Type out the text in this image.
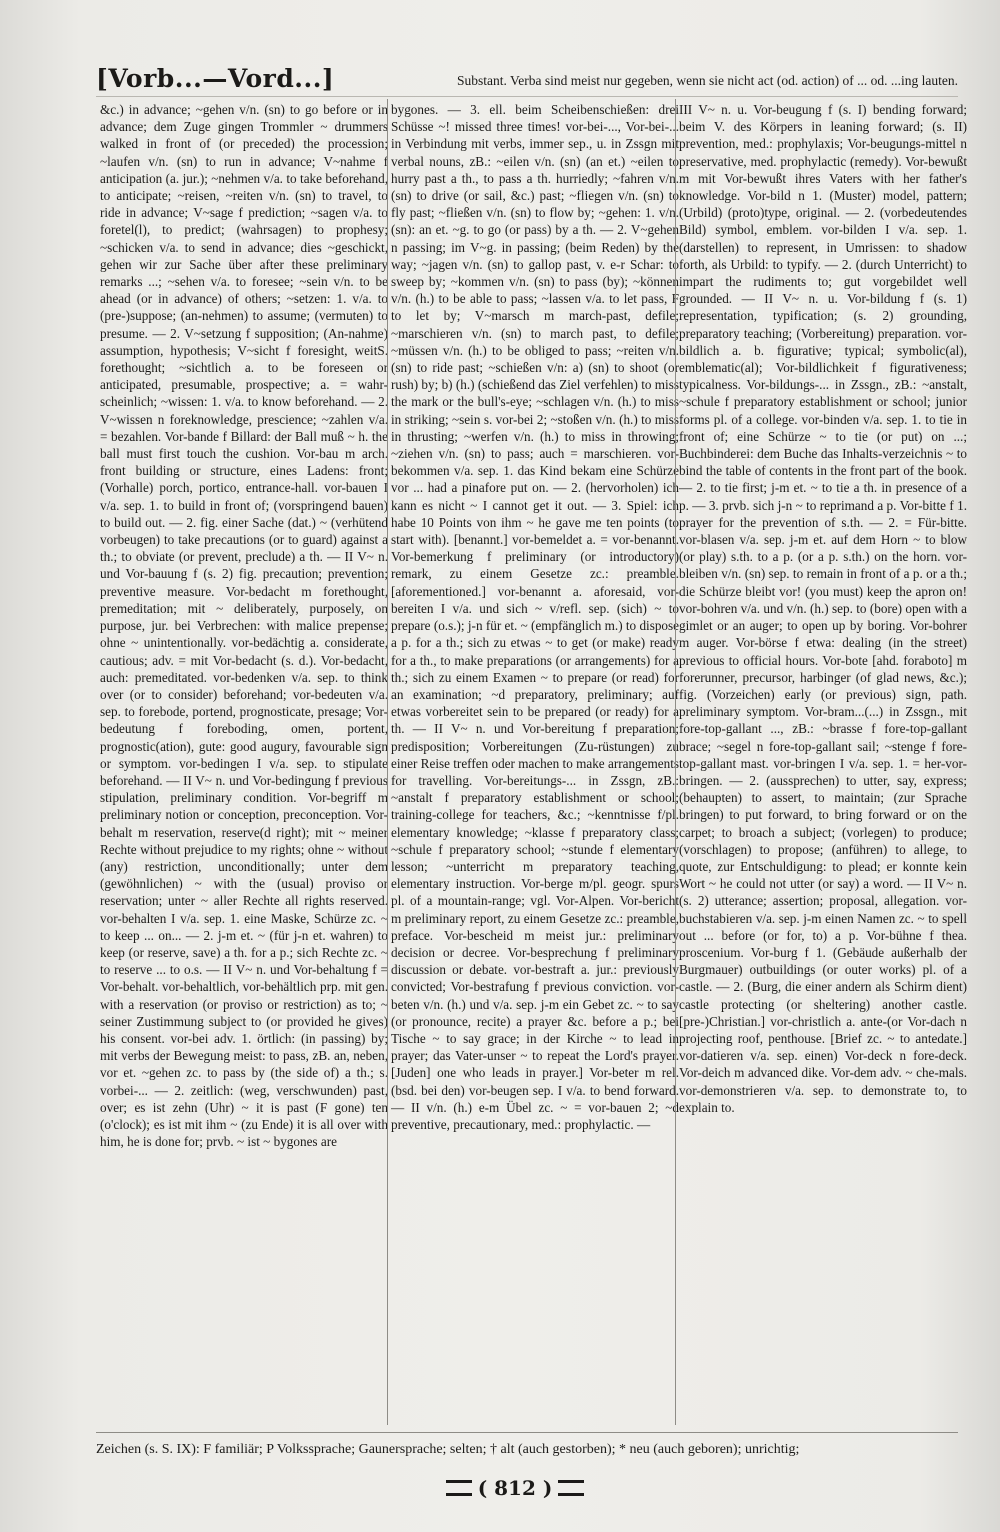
[Vorb...—Vord...]	Substant. Verba sind meist nur gegeben, wenn sie nicht act (od. action) of ... od. ...ing lauten.

&c.) in advance; ~gehen v/n. (sn) to go before or in advance; dem Zuge gingen Trommler ~ drummers walked in front of (or preceded) the procession; ~laufen v/n. (sn) to run in advance; V~nahme f anticipation (a. jur.); ~nehmen v/a. to take beforehand, to anticipate; ~reisen, ~reiten v/n. (sn) to travel, to ride in advance; V~sage f prediction; ~sagen v/a. to foretel(l), to predict; (wahrsagen) to prophesy; ~schicken v/a. to send in advance; dies ~geschickt, gehen wir zur Sache über after these preliminary remarks ...; ~sehen v/a. to foresee; ~sein v/n. to be ahead (or in advance) of others; ~setzen: 1. v/a. to (pre-)suppose; (an-nehmen) to assume; (vermuten) to presume. — 2. V~setzung f supposition; (An-nahme) assumption, hypothesis; V~sicht f foresight, weitS. forethought; ~sichtlich a. to be foreseen or anticipated, presumable, prospective; a. = wahr-scheinlich; ~wissen: 1. v/a. to know beforehand. — 2. V~wissen n foreknowledge, prescience; ~zahlen v/a. = bezahlen. Vor-bande f Billard: der Ball muß ~ h. the ball must first touch the cushion. Vor-bau m arch. front building or structure, eines Ladens: front; (Vorhalle) porch, portico, entrance-hall. vor-bauen I v/a. sep. 1. to build in front of; (vorspringend bauen) to build out. — 2. fig. einer Sache (dat.) ~ (verhütend vorbeugen) to take precautions (or to guard) against a th.; to obviate (or prevent, preclude) a th. — II V~ n. und Vor-bauung f (s. 2) fig. precaution; prevention; preventive measure. Vor-bedacht m forethought, premeditation; mit ~ deliberately, purposely, on purpose, jur. bei Verbrechen: with malice prepense; ohne ~ unintentionally. vor-bedächtig a. considerate, cautious; adv. = mit Vor-bedacht (s. d.). Vor-bedacht, auch: premeditated. vor-bedenken v/a. sep. to think over (or to consider) beforehand; vor-bedeuten v/a. sep. to forebode, portend, prognosticate, presage; Vor-bedeutung f foreboding, omen, portent, prognostic(ation), gute: good augury, favourable sign or symptom. vor-bedingen I v/a. sep. to stipulate beforehand. — II V~ n. und Vor-bedingung f previous stipulation, preliminary condition. Vor-begriff m preliminary notion or conception, preconception. Vor-behalt m reservation, reserve(d right); mit ~ meiner Rechte without prejudice to my rights; ohne ~ without (any) restriction, unconditionally; unter dem (gewöhnlichen) ~ with the (usual) proviso or reservation; unter ~ aller Rechte all rights reserved. vor-behalten I v/a. sep. 1. eine Maske, Schürze zc. ~ to keep ... on... — 2. j-m et. ~ (für j-n et. wahren) to keep (or reserve, save) a th. for a p.; sich Rechte zc. ~ to reserve ... to o.s. — II V~ n. und Vor-behaltung f = Vor-behalt. vor-behaltlich, vor-behältlich prp. mit gen. with a reservation (or proviso or restriction) as to; ~ seiner Zustimmung subject to (or provided he gives) his consent. vor-bei adv. 1. örtlich: (in passing) by; mit verbs der Bewegung meist: to pass, zB. an, neben, vor et. ~gehen zc. to pass by (the side of) a th.; s. vorbei-... — 2. zeitlich: (weg, verschwunden) past, over; es ist zehn (Uhr) ~ it is past (F gone) ten (o'clock); es ist mit ihm ~ (zu Ende) it is all over with him, he is done for; prvb. ~ ist ~ bygones are

bygones. — 3. ell. beim Scheibenschießen: drei Schüsse ~! missed three times! vor-bei-..., Vor-bei-... in Verbindung mit verbs, immer sep., u. in Zssgn mit verbal nouns, zB.: ~eilen v/n. (sn) (an et.) ~eilen to hurry past a th., to pass a th. hurriedly; ~fahren v/n. (sn) to drive (or sail, &c.) past; ~fliegen v/n. (sn) to fly past; ~fließen v/n. (sn) to flow by; ~gehen: 1. v/n. (sn): an et. ~g. to go (or pass) by a th. — 2. V~gehen n passing; im V~g. in passing; (beim Reden) by the way; ~jagen v/n. (sn) to gallop past, v. e-r Schar: to sweep by; ~kommen v/n. (sn) to pass (by); ~können v/n. (h.) to be able to pass; ~lassen v/a. to let pass, F to let by; V~marsch m march-past, defile; ~marschieren v/n. (sn) to march past, to defile; ~müssen v/n. (h.) to be obliged to pass; ~reiten v/n. (sn) to ride past; ~schießen v/n: a) (sn) to shoot (or rush) by; b) (h.) (schießend das Ziel verfehlen) to miss the mark or the bull's-eye; ~schlagen v/n. (h.) to miss in striking; ~sein s. vor-bei 2; ~stoßen v/n. (h.) to miss in thrusting; ~werfen v/n. (h.) to miss in throwing; ~ziehen v/n. (sn) to pass; auch = marschieren. vor-bekommen v/a. sep. 1. das Kind bekam eine Schürze vor ... had a pinafore put on. — 2. (hervorholen) ich kann es nicht ~ I cannot get it out. — 3. Spiel: ich habe 10 Points von ihm ~ he gave me ten points (to start with). [benannt.] vor-bemeldet a. = vor-benannt. Vor-bemerkung f preliminary (or introductory) remark, zu einem Gesetze zc.: preamble. [aforementioned.] vor-benannt a. aforesaid, vor-bereiten I v/a. und sich ~ v/refl. sep. (sich) ~ to prepare (o.s.); j-n für et. ~ (empfänglich m.) to dispose a p. for a th.; sich zu etwas ~ to get (or make) ready for a th., to make preparations (or arrangements) for a th.; sich zu einem Examen ~ to prepare (or read) for an examination; ~d preparatory, preliminary; auf etwas vorbereitet sein to be prepared (or ready) for a th. — II V~ n. und Vor-bereitung f preparation; predisposition; Vorbereitungen (Zu-rüstungen) zu einer Reise treffen oder machen to make arrangements for travelling. Vor-bereitungs-... in Zssgn, zB.: ~anstalt f preparatory establishment or school; training-college for teachers, &c.; ~kenntnisse f/pl. elementary knowledge; ~klasse f preparatory class; ~schule f preparatory school; ~stunde f elementary lesson; ~unterricht m preparatory teaching, elementary instruction. Vor-berge m/pl. geogr. spurs pl. of a mountain-range; vgl. Vor-Alpen. Vor-bericht m preliminary report, zu einem Gesetze zc.: preamble, preface. Vor-bescheid m meist jur.: preliminary decision or decree. Vor-besprechung f preliminary discussion or debate. vor-bestraft a. jur.: previously convicted; Vor-bestrafung f previous conviction. vor-beten v/n. (h.) und v/a. sep. j-m ein Gebet zc. ~ to say (or pronounce, recite) a prayer &c. before a p.; bei Tische ~ to say grace; in der Kirche ~ to lead in prayer; das Vater-unser ~ to repeat the Lord's prayer. [Juden] one who leads in prayer.] Vor-beter m rel. (bsd. bei den) vor-beugen sep. I v/a. to bend forward. — II v/n. (h.) e-m Übel zc. ~ = vor-bauen 2; ~d preventive, precautionary, med.: prophylactic. —

III V~ n. u. Vor-beugung f (s. I) bending forward; beim V. des Körpers in leaning forward; (s. II) prevention, med.: prophylaxis; Vor-beugungs-mittel n preservative, med. prophylactic (remedy). Vor-bewußt m mit Vor-bewußt ihres Vaters with her father's knowledge. Vor-bild n 1. (Muster) model, pattern; (Urbild) (proto)type, original. — 2. (vorbedeutendes Bild) symbol, emblem. vor-bilden I v/a. sep. 1. (darstellen) to represent, in Umrissen: to shadow forth, als Urbild: to typify. — 2. (durch Unterricht) to impart the rudiments to; gut vorgebildet well grounded. — II V~ n. u. Vor-bildung f (s. 1) representation, typification; (s. 2) grounding, preparatory teaching; (Vorbereitung) preparation. vor-bildlich a. b. figurative; typical; symbolic(al), emblematic(al); Vor-bildlichkeit f figurativeness; typicalness. Vor-bildungs-... in Zssgn., zB.: ~anstalt, ~schule f preparatory establishment or school; junior forms pl. of a college. vor-binden v/a. sep. 1. to tie in front of; eine Schürze ~ to tie (or put) on ...; Buchbinderei: dem Buche das Inhalts-verzeichnis ~ to bind the table of contents in the front part of the book. — 2. to tie first; j-m et. ~ to tie a th. in presence of a p. — 3. prvb. sich j-n ~ to reprimand a p. Vor-bitte f 1. prayer for the prevention of s.th. — 2. = Für-bitte. vor-blasen v/a. sep. j-m et. auf dem Horn ~ to blow (or play) s.th. to a p. (or a p. s.th.) on the horn. vor-bleiben v/n. (sn) sep. to remain in front of a p. or a th.; die Schürze bleibt vor! (you must) keep the apron on! vor-bohren v/a. und v/n. (h.) sep. to (bore) open with a gimlet or an auger; to open up by boring. Vor-bohrer m auger. Vor-börse f etwa: dealing (in the street) previous to official hours. Vor-bote [ahd. foraboto] m forerunner, precursor, harbinger (of glad news, &c.); fig. (Vorzeichen) early (or previous) sign, path. preliminary symptom. Vor-bram...(...) in Zssgn., mit fore-top-gallant ..., zB.: ~brasse f fore-top-gallant brace; ~segel n fore-top-gallant sail; ~stenge f fore-top-gallant mast. vor-bringen I v/a. sep. 1. = her-vor-bringen. — 2. (aussprechen) to utter, say, express; (behaupten) to assert, to maintain; (zur Sprache bringen) to put forward, to bring forward or on the carpet; to broach a subject; (vorlegen) to produce; (vorschlagen) to propose; (anführen) to allege, to quote, zur Entschuldigung: to plead; er konnte kein Wort ~ he could not utter (or say) a word. — II V~ n. (s. 2) utterance; assertion; proposal, allegation. vor-buchstabieren v/a. sep. j-m einen Namen zc. ~ to spell out ... before (or for, to) a p. Vor-bühne f thea. proscenium. Vor-burg f 1. (Gebäude außerhalb der Burgmauer) outbuildings (or outer works) pl. of a castle. — 2. (Burg, die einer andern als Schirm dient) castle protecting (or sheltering) another castle. [pre-)Christian.] vor-christlich a. ante-(or Vor-dach n projecting roof, penthouse. [Brief zc. ~ to antedate.] vor-datieren v/a. sep. einen) Vor-deck n fore-deck. Vor-deich m advanced dike. Vor-dem adv. ~ che-mals. vor-demonstrieren v/a. sep. to demonstrate to, to explain to.

Zeichen (s. S. IX): F familiär; P Volkssprache; Gaunersprache; selten; † alt (auch gestorben); * neu (auch geboren); unrichtig;
( 812 )
